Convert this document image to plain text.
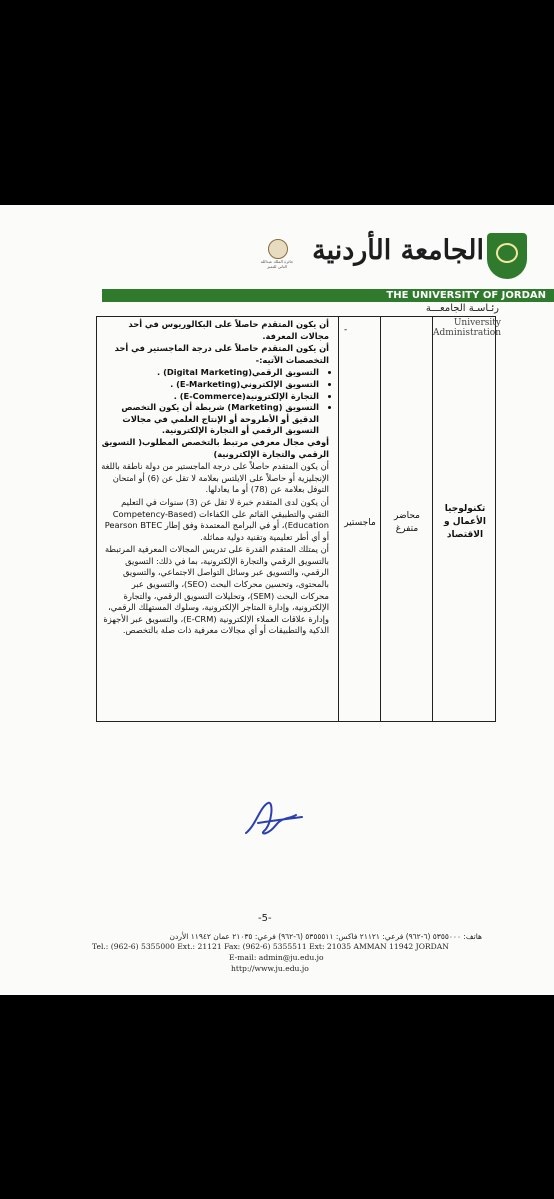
الجامعة الأردنية
جائزة الملك عبدالله الثاني للتميز
THE UNIVERSITY OF JORDAN
رئـاسـة الجامعـــة
University Administration

أن يكون المتقدم حاصلاً على البكالوريوس في أحد مجالات المعرفة.

أن يكون المتقدم حاصلاً على درجة الماجستير في أحد التخصصات الآتيه:-

• التسويق الرقمي(Digital Marketing) .
• التسويق الإلكتروني(E-Marketing) .
• التجارة الإلكترونية(E-Commerce) .
• التسويق (Marketing) شريطة أن يكون التخصص الدقيق أو الأطروحة أو الإنتاج العلمي في مجالات التسويق الرقمي أو التجارة الإلكترونية.

أوفي مجال معرفي مرتبط بالتخصص المطلوب( التسويق الرقمي والتجارة الإلكترونية)

أن يكون المتقدم حاصلاً على درجة الماجستير من دولة ناطقة باللغة الإنجليزية أو حاصلاً على الايلتس بعلامة لا تقل عن (6) أو امتحان التوفل بعلامة عن (78) أو ما يعادلها.

أن يكون لدى المتقدم خبرة لا تقل عن (3) سنوات في التعليم التقني والتطبيقي القائم على الكفاءات (Competency-Based Education)، أو في البرامج المعتمدة وفق إطار Pearson BTEC أو أي أطر تعليمية وتقنية دولية مماثلة.

أن يمتلك المتقدم القدرة على تدريس المجالات المعرفية المرتبطة بالتسويق الرقمي والتجارة الإلكترونية، بما في ذلك: التسويق الرقمي، والتسويق عبر وسائل التواصل الاجتماعي، والتسويق بالمحتوى، وتحسين محركات البحث (SEO)، والتسويق عبر محركات البحث (SEM)، وتحليلات التسويق الرقمي، والتجارة الإلكترونية، وإدارة المتاجر الإلكترونية، وسلوك المستهلك الرقمي، وإدارة علاقات العملاء الإلكترونية (E-CRM)، والتسويق عبر الأجهزة الذكية والتطبيقات أو أي مجالات معرفية ذات صلة بالتخصص.

-
ماجستير
محاضر متفرغ
تكنولوجيا الأعمال و الاقتصاد
-5-
هاتف: ٥٣٥٥٠٠٠ (٦-٩٦٢) فرعي: ٢١١٢١ فاكس: ٥٣٥٥٥١١ (٦-٩٦٢) فرعي: ٢١٠٣٥ عمان ١١٩٤٢ الأردن
Tel.: (962-6) 5355000 Ext.: 21121 Fax: (962-6) 5355511 Ext: 21035 AMMAN 11942 JORDAN
E-mail: admin@ju.edu.jo
http://www.ju.edu.jo
